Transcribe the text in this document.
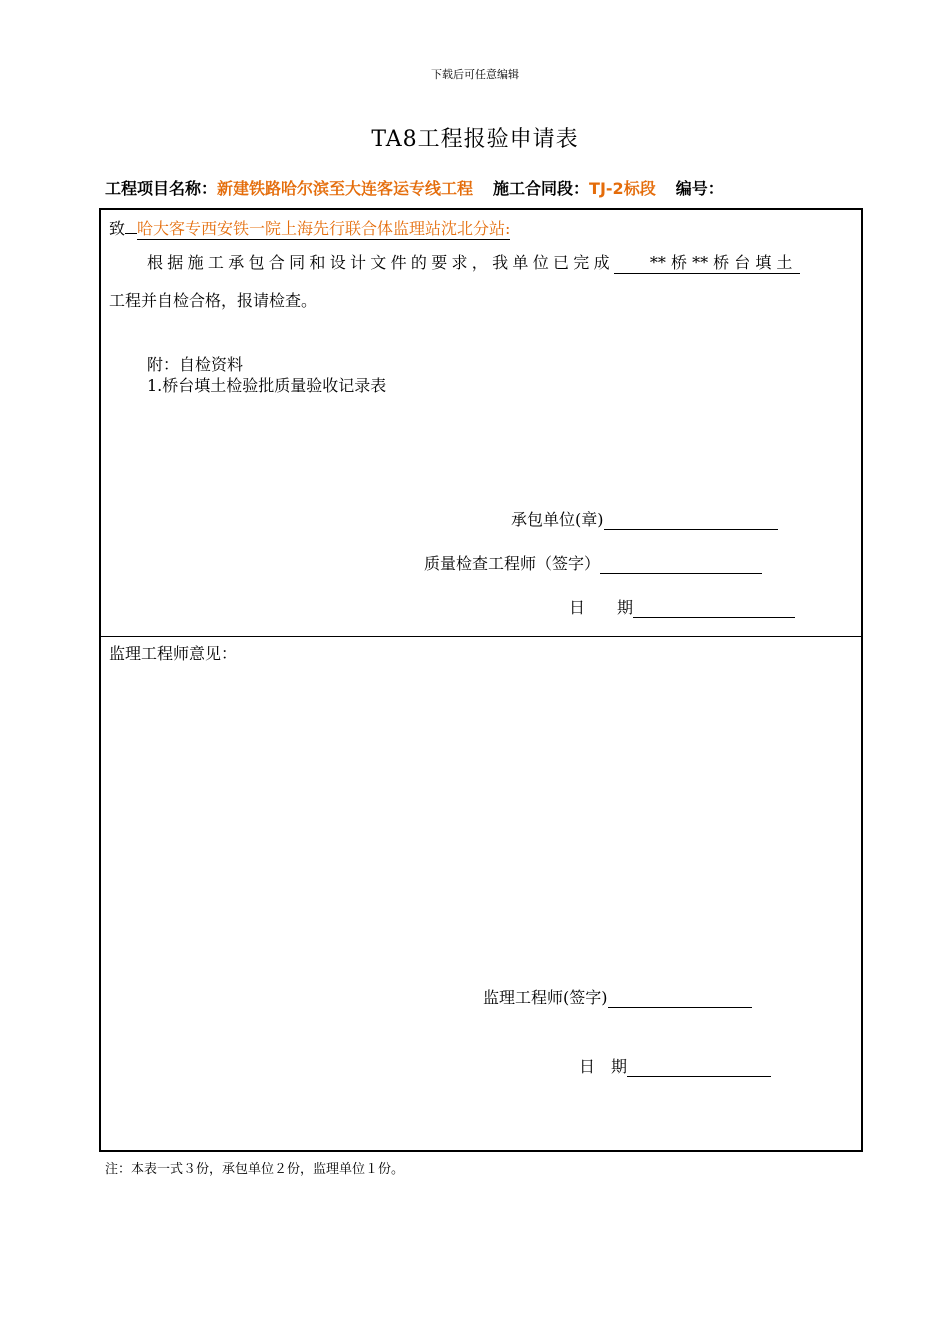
下载后可任意编辑
TA8工程报验申请表
工程项目名称：新建铁路哈尔滨至大连客运专线工程 施工合同段：TJ-2标段 编号：
致 哈大客专西安铁一院上海先行联合体监理站沈北分站:
根据施工承包合同和设计文件的要求，我单位已完成 ** 桥 ** 桥 台 填 土
工程并自检合格，报请检查。
附：自检资料
1.桥台填土检验批质量验收记录表
承包单位(章)
质量检查工程师（签字）
日　　期
监理工程师意见：
监理工程师(签字)
日　期
注：本表一式３份，承包单位２份，监理单位１份。
